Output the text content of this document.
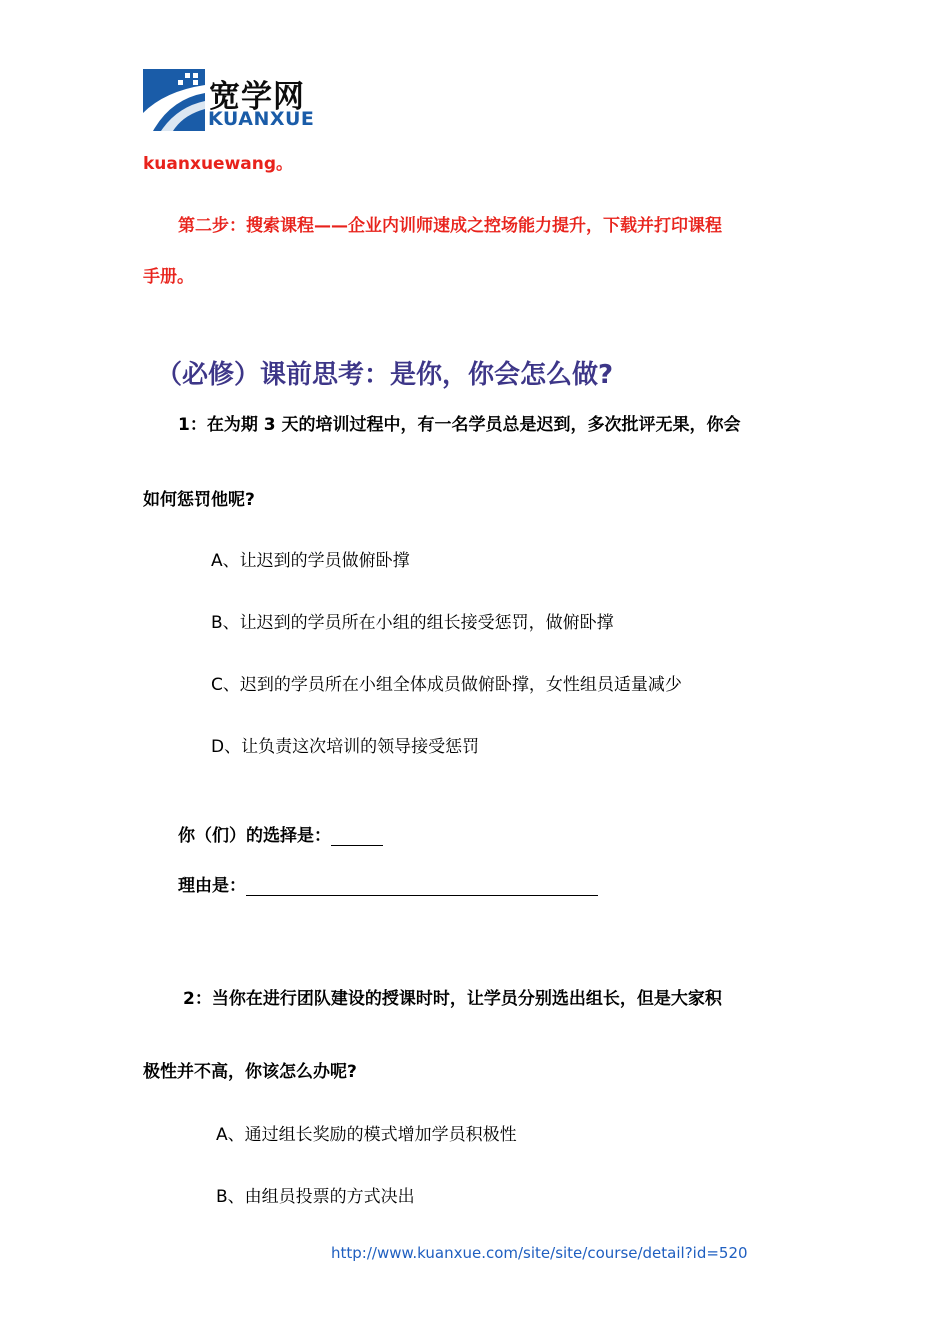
宽学网
KUANXUE
kuanxuewang。
第二步：搜索课程——企业内训师速成之控场能力提升，下载并打印课程
手册。
（必修）课前思考：是你，你会怎么做?
1：在为期 3 天的培训过程中，有一名学员总是迟到，多次批评无果，你会
如何惩罚他呢?
A、让迟到的学员做俯卧撑
B、让迟到的学员所在小组的组长接受惩罚，做俯卧撑
C、迟到的学员所在小组全体成员做俯卧撑，女性组员适量减少
D、让负责这次培训的领导接受惩罚
你（们）的选择是：
理由是：
2：当你在进行团队建设的授课时时，让学员分别选出组长，但是大家积
极性并不高，你该怎么办呢?
A、通过组长奖励的模式增加学员积极性
B、由组员投票的方式决出
http://www.kuanxue.com/site/site/course/detail?id=520
